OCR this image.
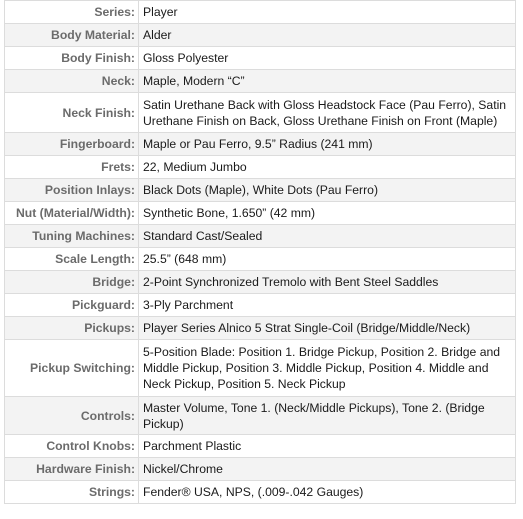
Series:	Player
Body Material:	Alder
Body Finish:	Gloss Polyester
Neck:	Maple, Modern “C”
Neck Finish:	Satin Urethane Back with Gloss Headstock Face (Pau Ferro), Satin Urethane Finish on Back, Gloss Urethane Finish on Front (Maple)
Fingerboard:	Maple or Pau Ferro, 9.5” Radius (241 mm)
Frets:	22, Medium Jumbo
Position Inlays:	Black Dots (Maple), White Dots (Pau Ferro)
Nut (Material/Width):	Synthetic Bone, 1.650” (42 mm)
Tuning Machines:	Standard Cast/Sealed
Scale Length:	25.5” (648 mm)
Bridge:	2-Point Synchronized Tremolo with Bent Steel Saddles
Pickguard:	3-Ply Parchment
Pickups:	Player Series Alnico 5 Strat Single-Coil (Bridge/Middle/Neck)
Pickup Switching:	5-Position Blade: Position 1. Bridge Pickup, Position 2. Bridge and Middle Pickup, Position 3. Middle Pickup, Position 4. Middle and Neck Pickup, Position 5. Neck Pickup
Controls:	Master Volume, Tone 1. (Neck/Middle Pickups), Tone 2. (Bridge Pickup)
Control Knobs:	Parchment Plastic
Hardware Finish:	Nickel/Chrome
Strings:	Fender® USA, NPS, (.009-.042 Gauges)
